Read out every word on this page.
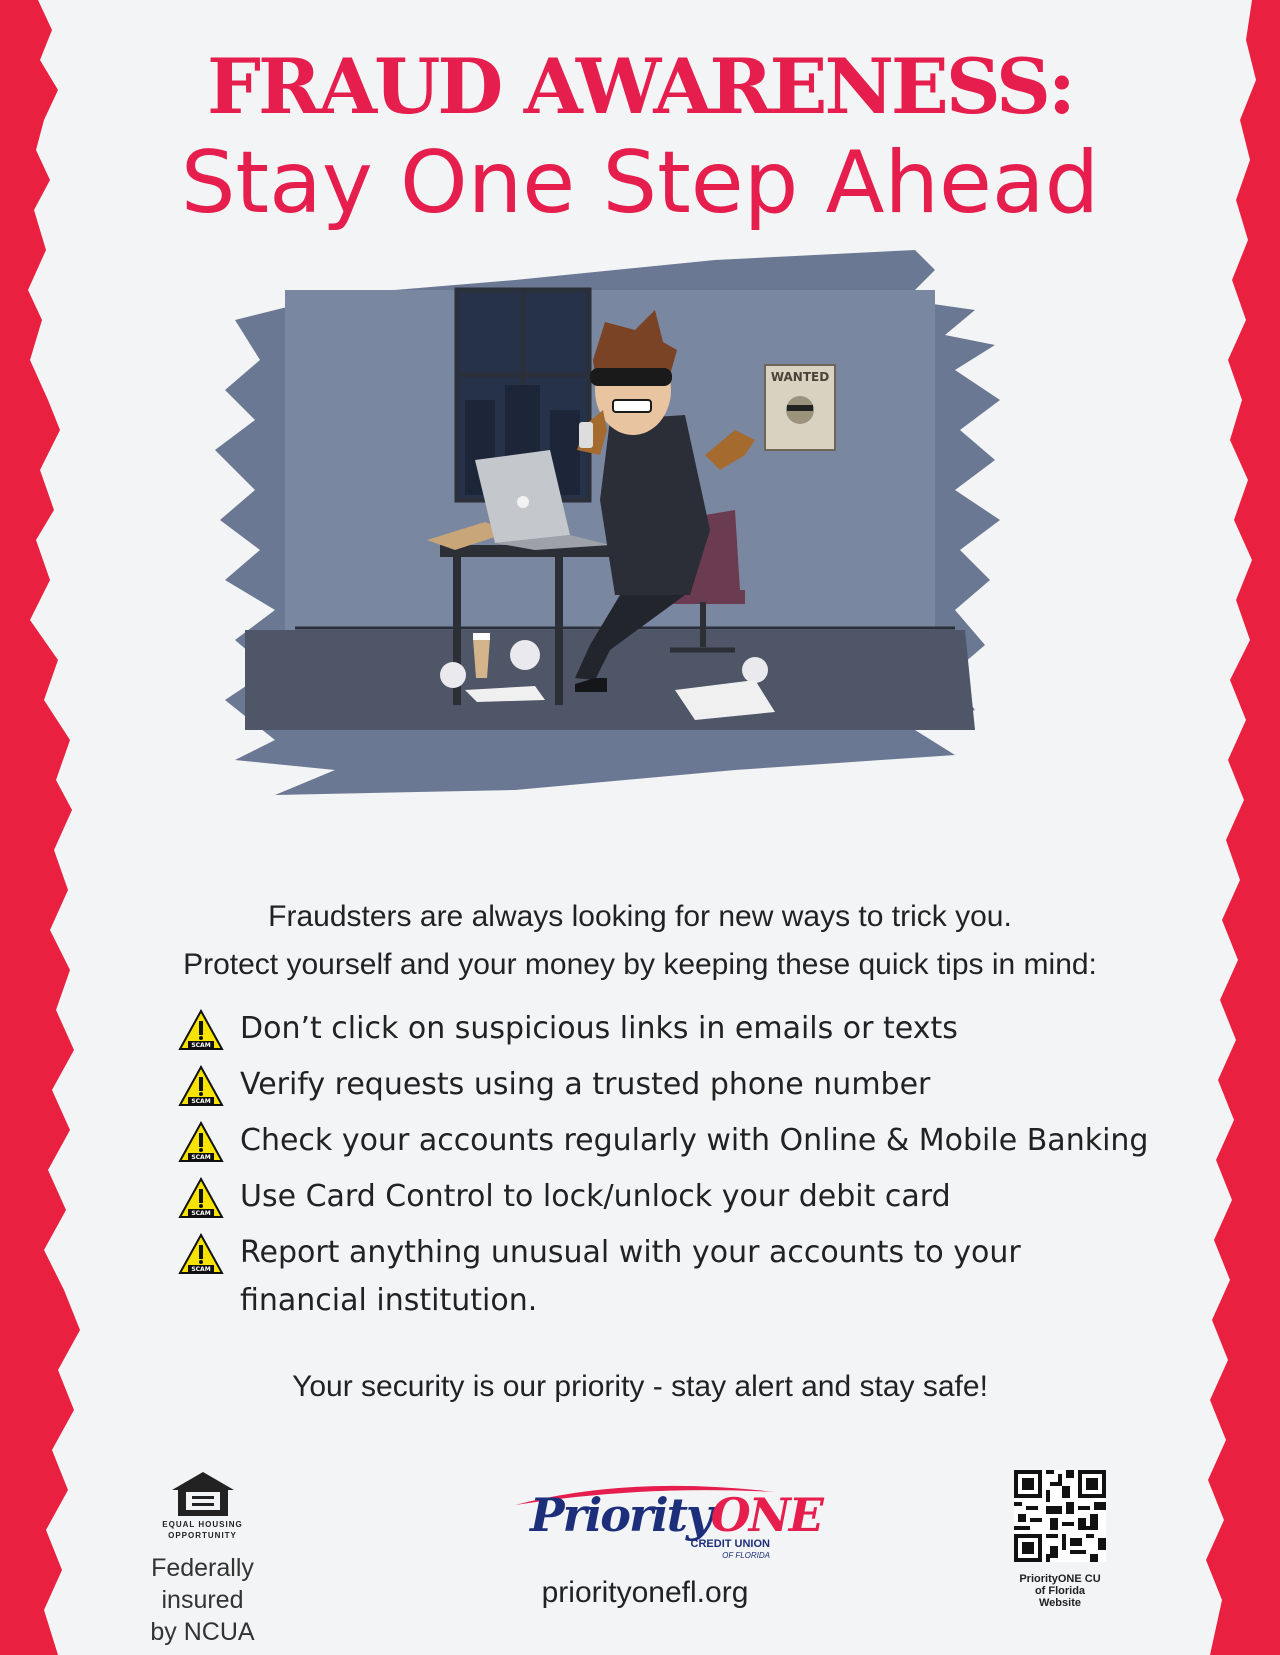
FRAUD AWARENESS:
Stay One Step Ahead
WANTED
Fraudsters are always looking for new ways to trick you.
Protect yourself and your money by keeping these quick tips in mind:
SCAM Don’t click on suspicious links in emails or texts
SCAM Verify requests using a trusted phone number
SCAM Check your accounts regularly with Online & Mobile Banking
SCAM Use Card Control to lock/unlock your debit card
SCAM Report anything unusual with your accounts to your financial institution.
Your security is our priority - stay alert and stay safe!
EQUAL HOUSING
OPPORTUNITY
Federally insured
by NCUA
PriorityONE
CREDIT UNION
OF FLORIDA
priorityonefl.org	PriorityONE CU
of Florida
Website
